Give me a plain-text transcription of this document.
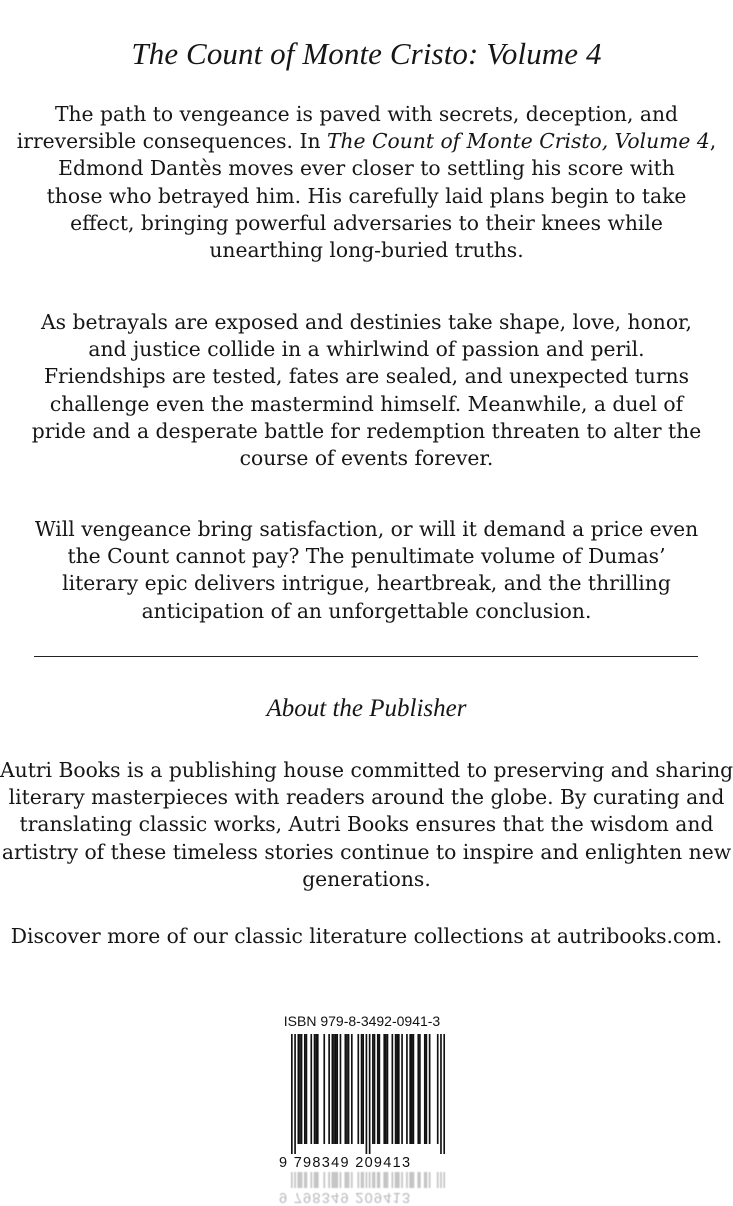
The Count of Monte Cristo: Volume 4

The path to vengeance is paved with secrets, deception, and
irreversible consequences. In The Count of Monte Cristo, Volume 4,
Edmond Dantès moves ever closer to settling his score with
those who betrayed him. His carefully laid plans begin to take
effect, bringing powerful adversaries to their knees while
unearthing long-buried truths.

As betrayals are exposed and destinies take shape, love, honor,
and justice collide in a whirlwind of passion and peril.
Friendships are tested, fates are sealed, and unexpected turns
challenge even the mastermind himself. Meanwhile, a duel of
pride and a desperate battle for redemption threaten to alter the
course of events forever.

Will vengeance bring satisfaction, or will it demand a price even
the Count cannot pay? The penultimate volume of Dumas’
literary epic delivers intrigue, heartbreak, and the thrilling
anticipation of an unforgettable conclusion.

About the Publisher

Autri Books is a publishing house committed to preserving and sharing
literary masterpieces with readers around the globe. By curating and
translating classic works, Autri Books ensures that the wisdom and
artistry of these timeless stories continue to inspire and enlighten new
generations.

Discover more of our classic literature collections at autribooks.com.

ISBN 979-8-3492-0941-3
9 798349 209413
9 798349 209413
